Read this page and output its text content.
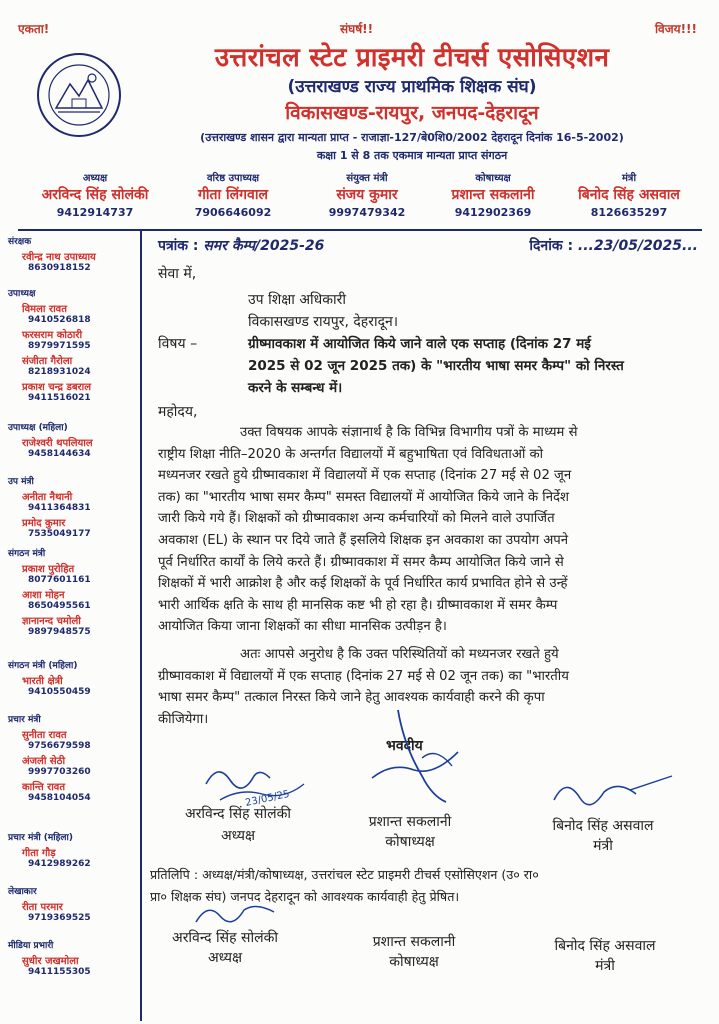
एकता!	संघर्ष!!	विजय!!!
उत्तरांचल स्टेट प्राइमरी टीचर्स एसोसिएशन
(उत्तराखण्ड राज्य प्राथमिक शिक्षक संघ)
विकासखण्ड-रायपुर, जनपद-देहरादून
(उत्तराखण्ड शासन द्वारा मान्यता प्राप्त - राजाज्ञा-127/बे0शि0/2002 देहरादून दिनांक 16-5-2002)
कक्षा 1 से 8 तक एकमात्र मान्यता प्राप्त संगठन
अध्यक्ष
अरविन्द सिंह सोलंकी
9412914737
वरिष्ठ उपाध्यक्ष
गीता लिंगवाल
7906646092
संयुक्त मंत्री
संजय कुमार
9997479342
कोषाध्यक्ष
प्रशान्त सकलानी
9412902369
मंत्री
बिनोद सिंह असवाल
8126635297
संरक्षक
रवीन्द्र नाथ उपाध्याय
8630918152
उपाध्यक्ष
विमला रावत
9410526818
फरसराम कोठारी
8979971595
संजीता गैरोला
8218931024
प्रकाश चन्द्र डबराल
9411516021
उपाध्यक्ष (महिला)
राजेश्वरी थपलियाल
9458144634
उप मंत्री
अनीता नैथानी
9411364831
प्रमोद कुमार
7535049177
संगठन मंत्री
प्रकाश पुरोहित
8077601161
आशा मोहन
8650495561
ज्ञानानन्द चमोली
9897948575
संगठन मंत्री (महिला)
भारती क्षेत्री
9410550459
प्रचार मंत्री
सुनीता रावत
9756679598
अंजली सेठी
9997703260
कान्ति रावत
9458104054
प्रचार मंत्री (महिला)
गीता गौड़
9412989262
लेखाकार
रीता परमार
9719369525
मीडिया प्रभारी
सुधीर जखमोला
9411155305
पत्रांक : समर कैम्प/2025-26	दिनांक : ...23/05/2025...
सेवा में,
उप शिक्षा अधिकारी
विकासखण्ड रायपुर, देहरादून।
विषय –	ग्रीष्मावकाश में आयोजित किये जाने वाले एक सप्ताह (दिनांक 27 मई
2025 से 02 जून 2025 तक) के "भारतीय भाषा समर कैम्प" को निरस्त
करने के सम्बन्ध में।
महोदय,
उक्त विषयक आपके संज्ञानार्थ है कि विभिन्न विभागीय पत्रों के माध्यम से
राष्ट्रीय शिक्षा नीति–2020 के अन्तर्गत विद्यालयों में बहुभाषिता एवं विविधताओं को
मध्यनजर रखते हुये ग्रीष्मावकाश में विद्यालयों में एक सप्ताह (दिनांक 27 मई से 02 जून
तक) का "भारतीय भाषा समर कैम्प" समस्त विद्यालयों में आयोजित किये जाने के निर्देश
जारी किये गये हैं। शिक्षकों को ग्रीष्मावकाश अन्य कर्मचारियों को मिलने वाले उपार्जित
अवकाश (EL) के स्थान पर दिये जाते हैं इसलिये शिक्षक इन अवकाश का उपयोग अपने
पूर्व निर्धारित कार्यों के लिये करते हैं। ग्रीष्मावकाश में समर कैम्प आयोजित किये जाने से
शिक्षकों में भारी आक्रोश है और कई शिक्षकों के पूर्व निर्धारित कार्य प्रभावित होने से उन्हें
भारी आर्थिक क्षति के साथ ही मानसिक कष्ट भी हो रहा है। ग्रीष्मावकाश में समर कैम्प
आयोजित किया जाना शिक्षकों का सीधा मानसिक उत्पीड़न है।
अतः आपसे अनुरोध है कि उक्त परिस्थितियों को मध्यनजर रखते हुये
ग्रीष्मावकाश में विद्यालयों में एक सप्ताह (दिनांक 27 मई से 02 जून तक) का "भारतीय
भाषा समर कैम्प" तत्काल निरस्त किये जाने हेतु आवश्यक कार्यवाही करने की कृपा
कीजियेगा।
भवदीय
23/05/25
अरविन्द सिंह सोलंकी
अध्यक्ष
प्रशान्त सकलानी
कोषाध्यक्ष
बिनोद सिंह असवाल
मंत्री
प्रतिलिपि : अध्यक्ष/मंत्री/कोषाध्यक्ष, उत्तरांचल स्टेट प्राइमरी टीचर्स एसोसिएशन (उ० रा०
प्रा० शिक्षक संघ) जनपद देहरादून को आवश्यक कार्यवाही हेतु प्रेषित।
अरविन्द सिंह सोलंकी
अध्यक्ष
प्रशान्त सकलानी
कोषाध्यक्ष
बिनोद सिंह असवाल
मंत्री
